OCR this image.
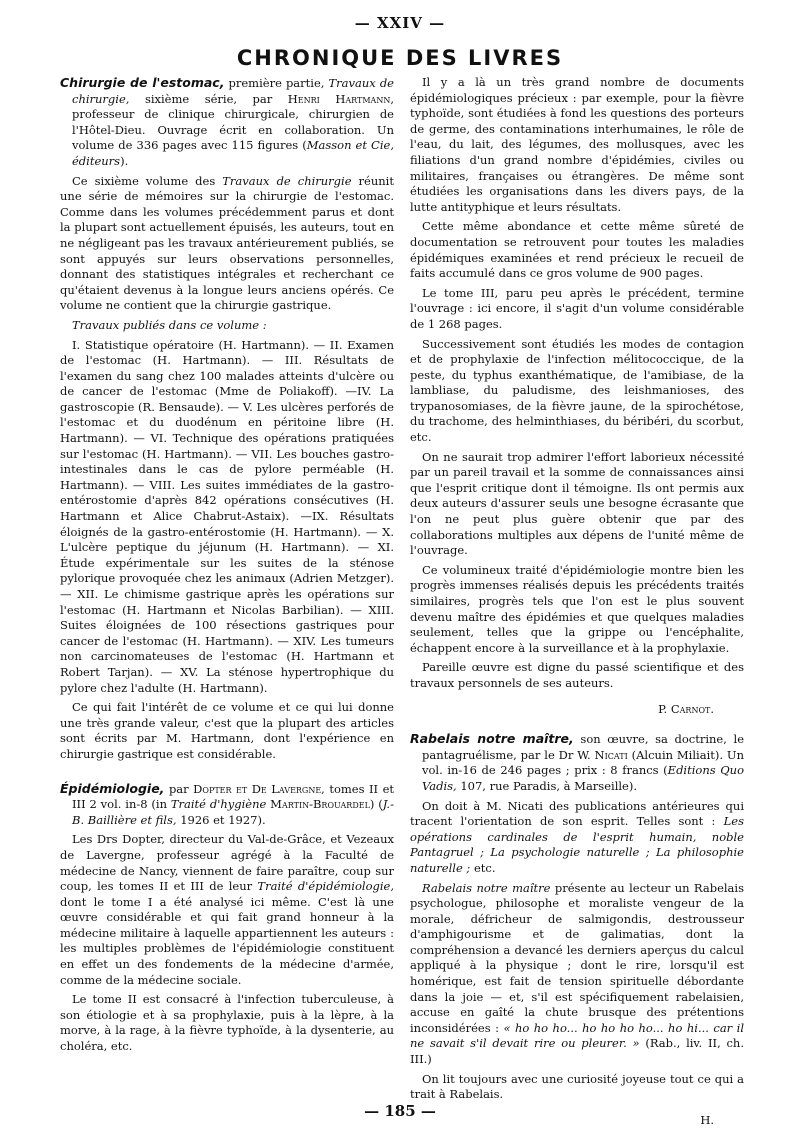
— XXIV —
CHRONIQUE DES LIVRES

Chirurgie de l'estomac, première partie, Travaux de chirurgie, sixième série, par Henri Hartmann, professeur de clinique chirurgicale, chirurgien de l'Hôtel-Dieu. Ouvrage écrit en collaboration. Un volume de 336 pages avec 115 figures (Masson et Cie, éditeurs).

Ce sixième volume des Travaux de chirurgie réunit une série de mémoires sur la chirurgie de l'estomac. Comme dans les volumes précédemment parus et dont la plupart sont actuellement épuisés, les auteurs, tout en ne négligeant pas les travaux antérieurement publiés, se sont appuyés sur leurs observations personnelles, donnant des statistiques intégrales et recherchant ce qu'étaient devenus à la longue leurs anciens opérés. Ce volume ne contient que la chirurgie gastrique.

Travaux publiés dans ce volume :

I. Statistique opératoire (H. Hartmann). — II. Examen de l'estomac (H. Hartmann). — III. Résultats de l'examen du sang chez 100 malades atteints d'ulcère ou de cancer de l'estomac (Mme de Poliakoff). —IV. La gastroscopie (R. Bensaude). — V. Les ulcères perforés de l'estomac et du duodénum en péritoine libre (H. Hartmann). — VI. Technique des opérations pratiquées sur l'estomac (H. Hartmann). — VII. Les bouches gastro-intestinales dans le cas de pylore perméable (H. Hartmann). — VIII. Les suites immédiates de la gastro-entérostomie d'après 842 opérations consécutives (H. Hartmann et Alice Chabrut-Astaix). —IX. Résultats éloignés de la gastro-entérostomie (H. Hartmann). — X. L'ulcère peptique du jéjunum (H. Hartmann). — XI. Étude expérimentale sur les suites de la sténose pylorique provoquée chez les animaux (Adrien Metzger). — XII. Le chimisme gastrique après les opérations sur l'estomac (H. Hartmann et Nicolas Barbilian). — XIII. Suites éloignées de 100 résections gastriques pour cancer de l'estomac (H. Hartmann). — XIV. Les tumeurs non carcinomateuses de l'estomac (H. Hartmann et Robert Tarjan). — XV. La sténose hypertrophique du pylore chez l'adulte (H. Hartmann).

Ce qui fait l'intérêt de ce volume et ce qui lui donne une très grande valeur, c'est que la plupart des articles sont écrits par M. Hartmann, dont l'expérience en chirurgie gastrique est considérable.

Épidémiologie, par Dopter et De Lavergne, tomes II et III 2 vol. in-8 (in Traité d'hygiène Martin-Brouardel) (J.-B. Baillière et fils, 1926 et 1927).

Les Drs Dopter, directeur du Val-de-Grâce, et Vezeaux de Lavergne, professeur agrégé à la Faculté de médecine de Nancy, viennent de faire paraître, coup sur coup, les tomes II et III de leur Traité d'épidémiologie, dont le tome I a été analysé ici même. C'est là une œuvre considérable et qui fait grand honneur à la médecine militaire à laquelle appartiennent les auteurs : les multiples problèmes de l'épidémiologie constituent en effet un des fondements de la médecine d'armée, comme de la médecine sociale.

Le tome II est consacré à l'infection tuberculeuse, à son étiologie et à sa prophylaxie, puis à la lèpre, à la morve, à la rage, à la fièvre typhoïde, à la dysenterie, au choléra, etc.

Il y a là un très grand nombre de documents épidémiologiques précieux : par exemple, pour la fièvre typhoïde, sont étudiées à fond les questions des porteurs de germe, des contaminations interhumaines, le rôle de l'eau, du lait, des légumes, des mollusques, avec les filiations d'un grand nombre d'épidémies, civiles ou militaires, françaises ou étrangères. De même sont étudiées les organisations dans les divers pays, de la lutte antityphique et leurs résultats.

Cette même abondance et cette même sûreté de documentation se retrouvent pour toutes les maladies épidémiques examinées et rend précieux le recueil de faits accumulé dans ce gros volume de 900 pages.

Le tome III, paru peu après le précédent, termine l'ouvrage : ici encore, il s'agit d'un volume considérable de 1 268 pages.

Successivement sont étudiés les modes de contagion et de prophylaxie de l'infection mélitococcique, de la peste, du typhus exanthématique, de l'amibiase, de la lambliase, du paludisme, des leishmanioses, des trypanosomiases, de la fièvre jaune, de la spirochétose, du trachome, des helminthiases, du béribéri, du scorbut, etc.

On ne saurait trop admirer l'effort laborieux nécessité par un pareil travail et la somme de connaissances ainsi que l'esprit critique dont il témoigne. Ils ont permis aux deux auteurs d'assurer seuls une besogne écrasante que l'on ne peut plus guère obtenir que par des collaborations multiples aux dépens de l'unité même de l'ouvrage.

Ce volumineux traité d'épidémiologie montre bien les progrès immenses réalisés depuis les précédents traités similaires, progrès tels que l'on est le plus souvent devenu maître des épidémies et que quelques maladies seulement, telles que la grippe ou l'encéphalite, échappent encore à la surveillance et à la prophylaxie.

Pareille œuvre est digne du passé scientifique et des travaux personnels de ses auteurs.

P. Carnot.

Rabelais notre maître, son œuvre, sa doctrine, le pantagruélisme, par le Dr W. Nicati (Alcuin Miliait). Un vol. in-16 de 246 pages ; prix : 8 francs (Editions Quo Vadis, 107, rue Paradis, à Marseille).

On doit à M. Nicati des publications antérieures qui tracent l'orientation de son esprit. Telles sont : Les opérations cardinales de l'esprit humain, noble Pantagruel ; La psychologie naturelle ; La philosophie naturelle ; etc.

Rabelais notre maître présente au lecteur un Rabelais psychologue, philosophe et moraliste vengeur de la morale, défricheur de salmigondis, destrousseur d'amphigourisme et de galimatias, dont la compréhension a devancé les derniers aperçus du calcul appliqué à la physique ; dont le rire, lorsqu'il est homérique, est fait de tension spirituelle débordante dans la joie — et, s'il est spécifiquement rabelaisien, accuse en gaîté la chute brusque des prétentions inconsidérées : « ho ho ho... ho ho ho ho... ho hi... car il ne savait s'il devait rire ou pleurer. » (Rab., liv. II, ch. III.)

On lit toujours avec une curiosité joyeuse tout ce qui a trait à Rabelais.

H.
— 185 —
